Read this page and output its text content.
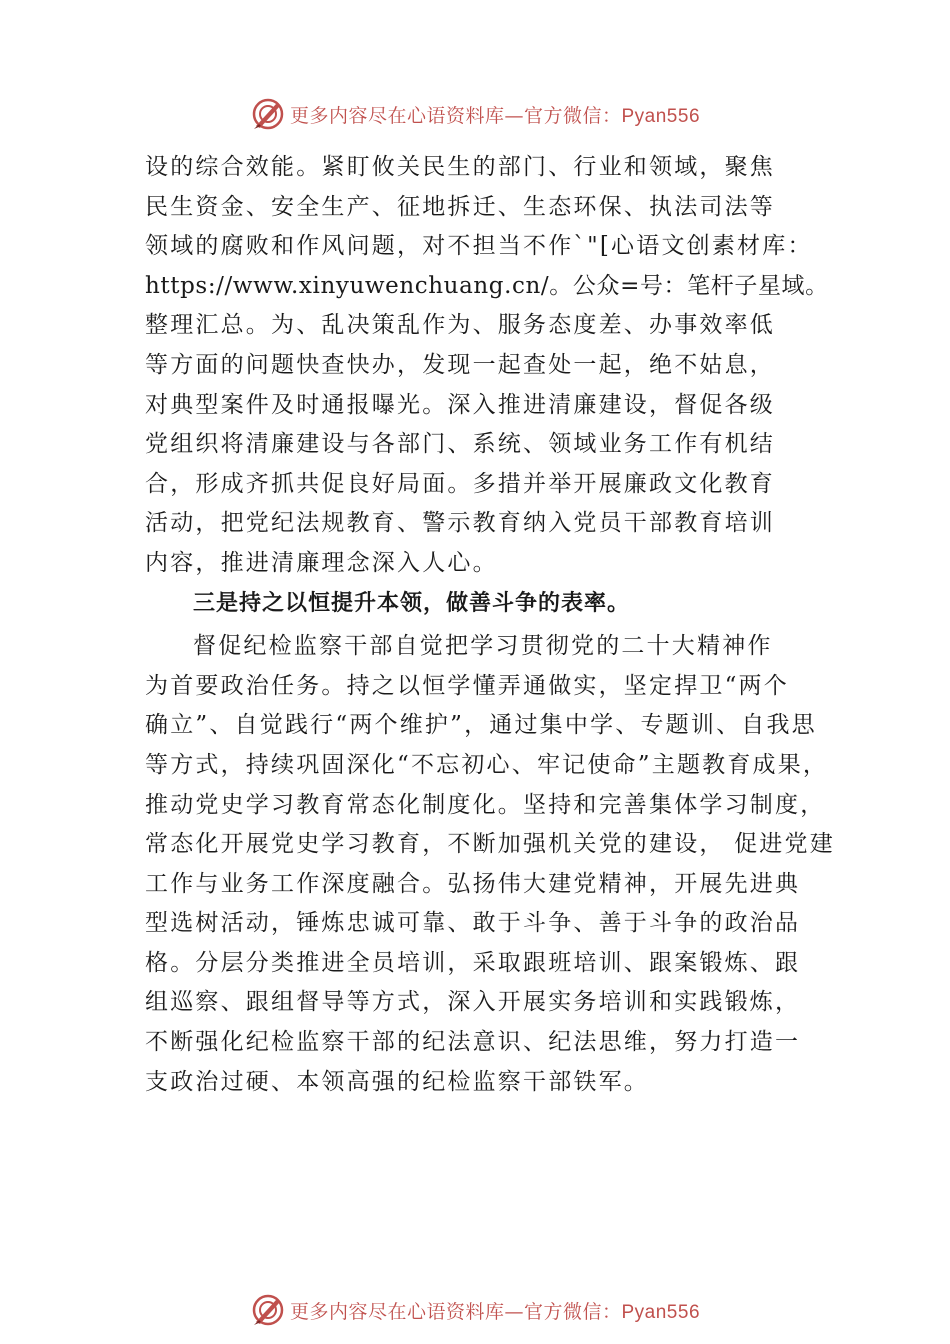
更多内容尽在心语资料库—官方微信：Pyan556
设的综合效能。紧盯攸关民生的部门、行业和领域，聚焦
民生资金、安全生产、征地拆迁、生态环保、执法司法等
领域的腐败和作风问题，对不担当不作`"[心语文创素材库：
https://www.xinyuwenchuang.cn/。公众=号：笔杆子星域。
整理汇总。为、乱决策乱作为、服务态度差、办事效率低
等方面的问题快查快办，发现一起查处一起，绝不姑息，
对典型案件及时通报曝光。深入推进清廉建设，督促各级
党组织将清廉建设与各部门、系统、领域业务工作有机结
合，形成齐抓共促良好局面。多措并举开展廉政文化教育
活动，把党纪法规教育、警示教育纳入党员干部教育培训
内容，推进清廉理念深入人心。
三是持之以恒提升本领，做善斗争的表率。
督促纪检监察干部自觉把学习贯彻党的二十大精神作
为首要政治任务。持之以恒学懂弄通做实，坚定捍卫“两个
确立”、自觉践行“两个维护”，通过集中学、专题训、自我思
等方式，持续巩固深化“不忘初心、牢记使命”主题教育成果，
推动党史学习教育常态化制度化。坚持和完善集体学习制度，
常态化开展党史学习教育，不断加强机关党的建设， 促进党建
工作与业务工作深度融合。弘扬伟大建党精神，开展先进典
型选树活动，锤炼忠诚可靠、敢于斗争、善于斗争的政治品
格。分层分类推进全员培训，采取跟班培训、跟案锻炼、跟
组巡察、跟组督导等方式，深入开展实务培训和实践锻炼，
不断强化纪检监察干部的纪法意识、纪法思维，努力打造一
支政治过硬、本领高强的纪检监察干部铁军。
更多内容尽在心语资料库—官方微信：Pyan556
